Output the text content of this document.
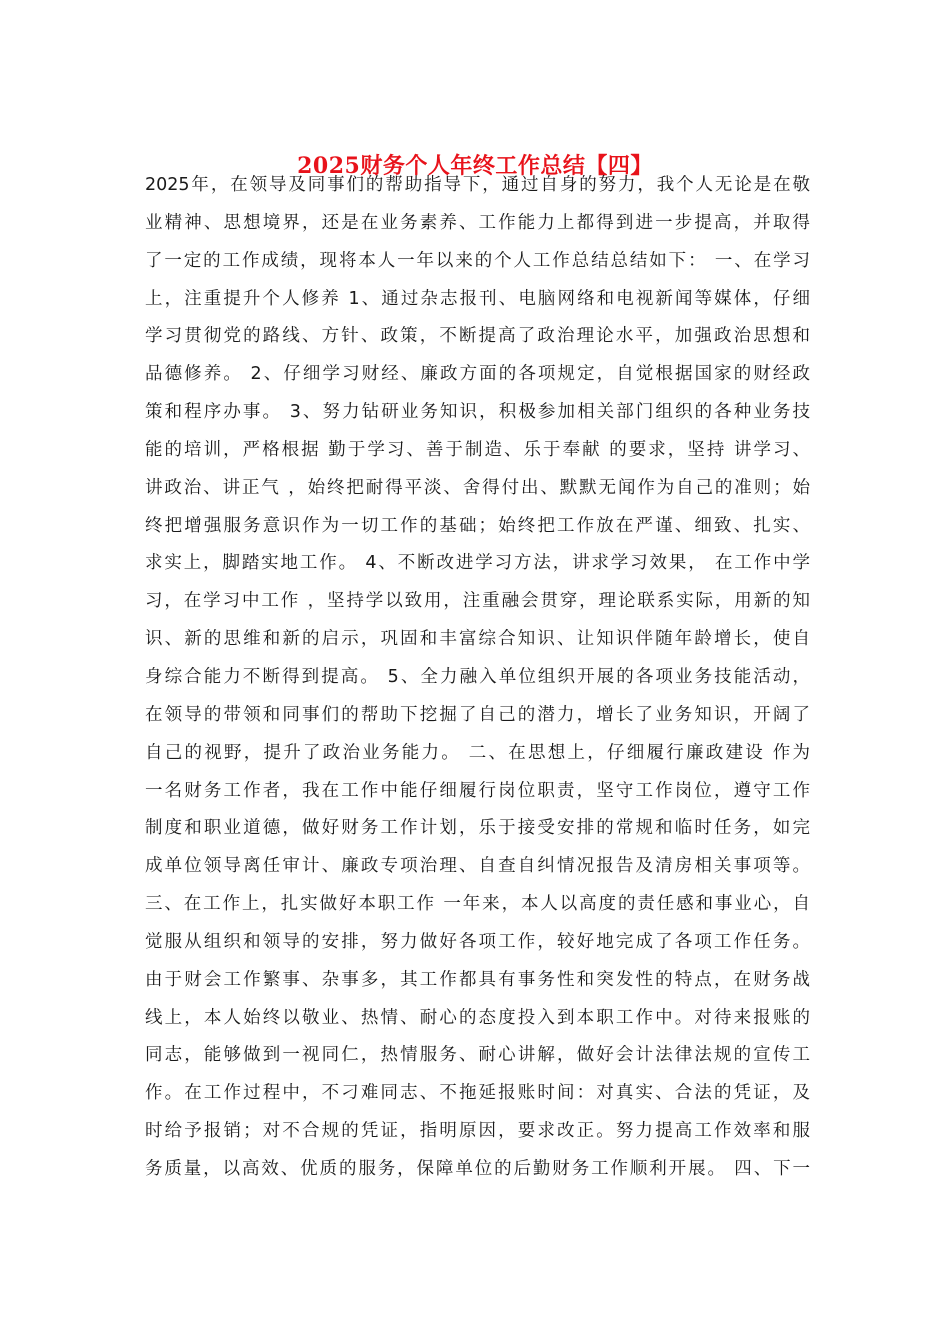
2025财务个人年终工作总结【四】
2025年，在领导及同事们的帮助指导下，通过自身的努力，我个人无论是在敬
业精神、思想境界，还是在业务素养、工作能力上都得到进一步提高，并取得
了一定的工作成绩，现将本人一年以来的个人工作总结总结如下： 一、在学习
上，注重提升个人修养 1、通过杂志报刊、电脑网络和电视新闻等媒体，仔细
学习贯彻党的路线、方针、政策，不断提高了政治理论水平，加强政治思想和
品德修养。 2、仔细学习财经、廉政方面的各项规定，自觉根据国家的财经政
策和程序办事。 3、努力钻研业务知识，积极参加相关部门组织的各种业务技
能的培训，严格根据 勤于学习、善于制造、乐于奉献 的要求，坚持 讲学习、
讲政治、讲正气 ，始终把耐得平淡、舍得付出、默默无闻作为自己的准则；始
终把增强服务意识作为一切工作的基础；始终把工作放在严谨、细致、扎实、
求实上，脚踏实地工作。 4、不断改进学习方法，讲求学习效果， 在工作中学
习，在学习中工作 ，坚持学以致用，注重融会贯穿，理论联系实际，用新的知
识、新的思维和新的启示，巩固和丰富综合知识、让知识伴随年龄增长，使自
身综合能力不断得到提高。 5、全力融入单位组织开展的各项业务技能活动，
在领导的带领和同事们的帮助下挖掘了自己的潜力，增长了业务知识，开阔了
自己的视野，提升了政治业务能力。 二、在思想上，仔细履行廉政建设 作为
一名财务工作者，我在工作中能仔细履行岗位职责，坚守工作岗位，遵守工作
制度和职业道德，做好财务工作计划，乐于接受安排的常规和临时任务，如完
成单位领导离任审计、廉政专项治理、自查自纠情况报告及清房相关事项等。
三、在工作上，扎实做好本职工作 一年来，本人以高度的责任感和事业心，自
觉服从组织和领导的安排，努力做好各项工作，较好地完成了各项工作任务。
由于财会工作繁事、杂事多，其工作都具有事务性和突发性的特点，在财务战
线上，本人始终以敬业、热情、耐心的态度投入到本职工作中。对待来报账的
同志，能够做到一视同仁，热情服务、耐心讲解，做好会计法律法规的宣传工
作。在工作过程中，不刁难同志、不拖延报账时间：对真实、合法的凭证，及
时给予报销；对不合规的凭证，指明原因，要求改正。努力提高工作效率和服
务质量，以高效、优质的服务，保障单位的后勤财务工作顺利开展。 四、下一
